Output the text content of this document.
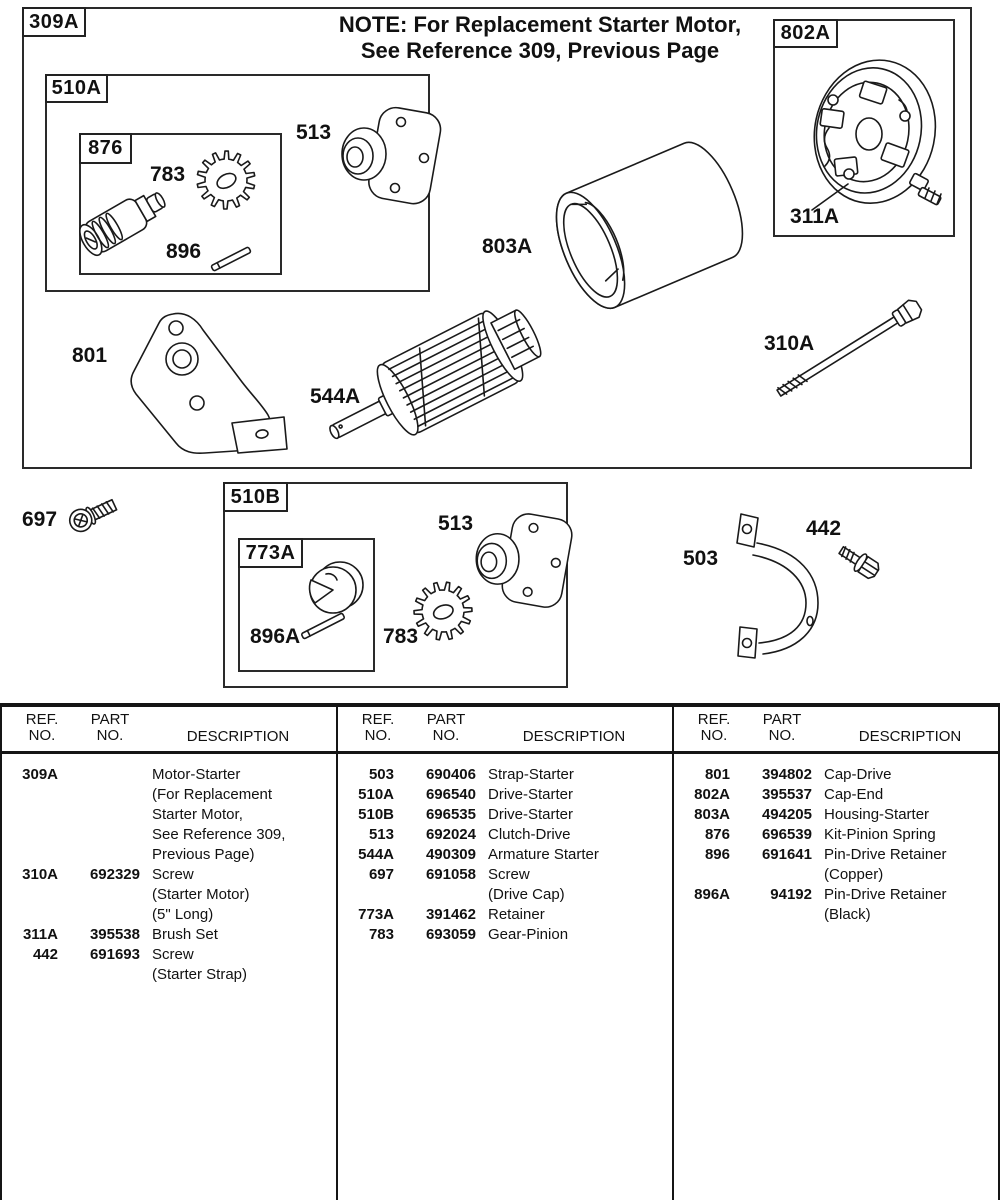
309A
510A
876
802A
510B
773A
NOTE: For Replacement Starter Motor,
See Reference 309, Previous Page
513
783
896	803A
311A
801
544A
310A
697
896A	783
513
503
442
REF.
NO.
PART
NO.	DESCRIPTION
309A	Motor-Starter
(For Replacement
Starter Motor,
See Reference 309,
Previous Page)
310A	692329 Screw
(Starter Motor)
(5" Long)
311A	395538 Brush Set
442	691693 Screw
(Starter Strap)
REF.
NO.
PART
NO.	DESCRIPTION
503	690406 Strap-Starter
510A	696540 Drive-Starter
510B	696535 Drive-Starter
513	692024 Clutch-Drive
544A	490309 Armature Starter
697	691058 Screw
(Drive Cap)
773A	391462 Retainer
783	693059 Gear-Pinion
REF.
NO.
PART
NO.	DESCRIPTION
801	394802 Cap-Drive
802A	395537 Cap-End
803A	494205 Housing-Starter
876	696539 Kit-Pinion Spring
896	691641 Pin-Drive Retainer
(Copper)
896A	94192 Pin-Drive Retainer
(Black)
